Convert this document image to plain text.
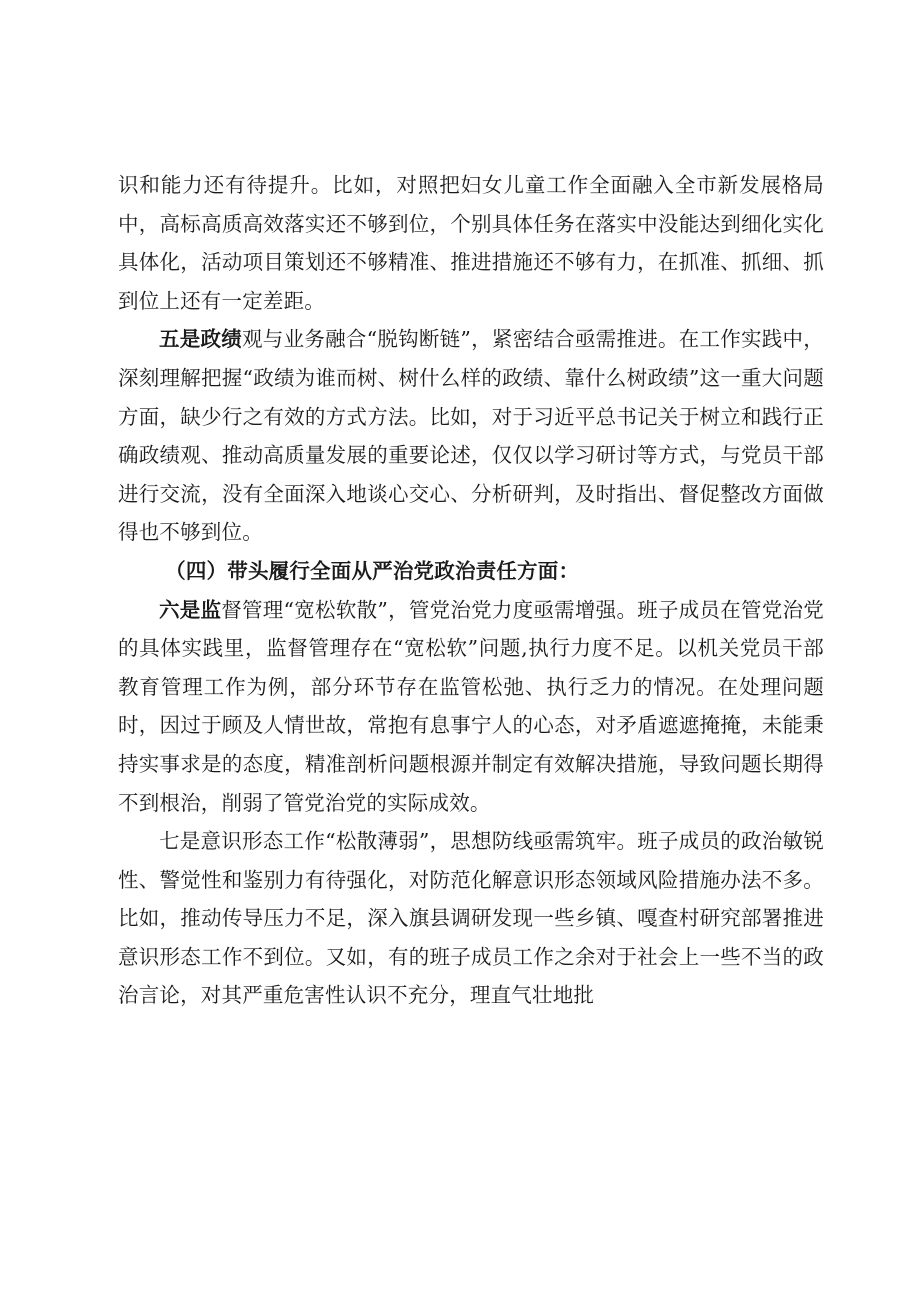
识和能力还有待提升。比如，对照把妇女儿童工作全面融入全市新发展格局中，高标高质高效落实还不够到位，个别具体任务在落实中没能达到细化实化具体化，活动项目策划还不够精准、推进措施还不够有力，在抓准、抓细、抓到位上还有一定差距。

五是政绩观与业务融合“脱钩断链”，紧密结合亟需推进。在工作实践中，深刻理解把握“政绩为谁而树、树什么样的政绩、靠什么树政绩”这一重大问题方面，缺少行之有效的方式方法。比如，对于习近平总书记关于树立和践行正确政绩观、推动高质量发展的重要论述，仅仅以学习研讨等方式，与党员干部进行交流，没有全面深入地谈心交心、分析研判，及时指出、督促整改方面做得也不够到位。

（四）带头履行全面从严治党政治责任方面：

六是监督管理“宽松软散”，管党治党力度亟需增强。班子成员在管党治党的具体实践里，监督管理存在“宽松软”问题,执行力度不足。以机关党员干部教育管理工作为例，部分环节存在监管松弛、执行乏力的情况。在处理问题时，因过于顾及人情世故，常抱有息事宁人的心态，对矛盾遮遮掩掩，未能秉持实事求是的态度，精准剖析问题根源并制定有效解决措施，导致问题长期得不到根治，削弱了管党治党的实际成效。

七是意识形态工作“松散薄弱”，思想防线亟需筑牢。班子成员的政治敏锐性、警觉性和鉴别力有待强化，对防范化解意识形态领域风险措施办法不多。比如，推动传导压力不足，深入旗县调研发现一些乡镇、嘎查村研究部署推进意识形态工作不到位。又如，有的班子成员工作之余对于社会上一些不当的政治言论，对其严重危害性认识不充分，理直气壮地批
